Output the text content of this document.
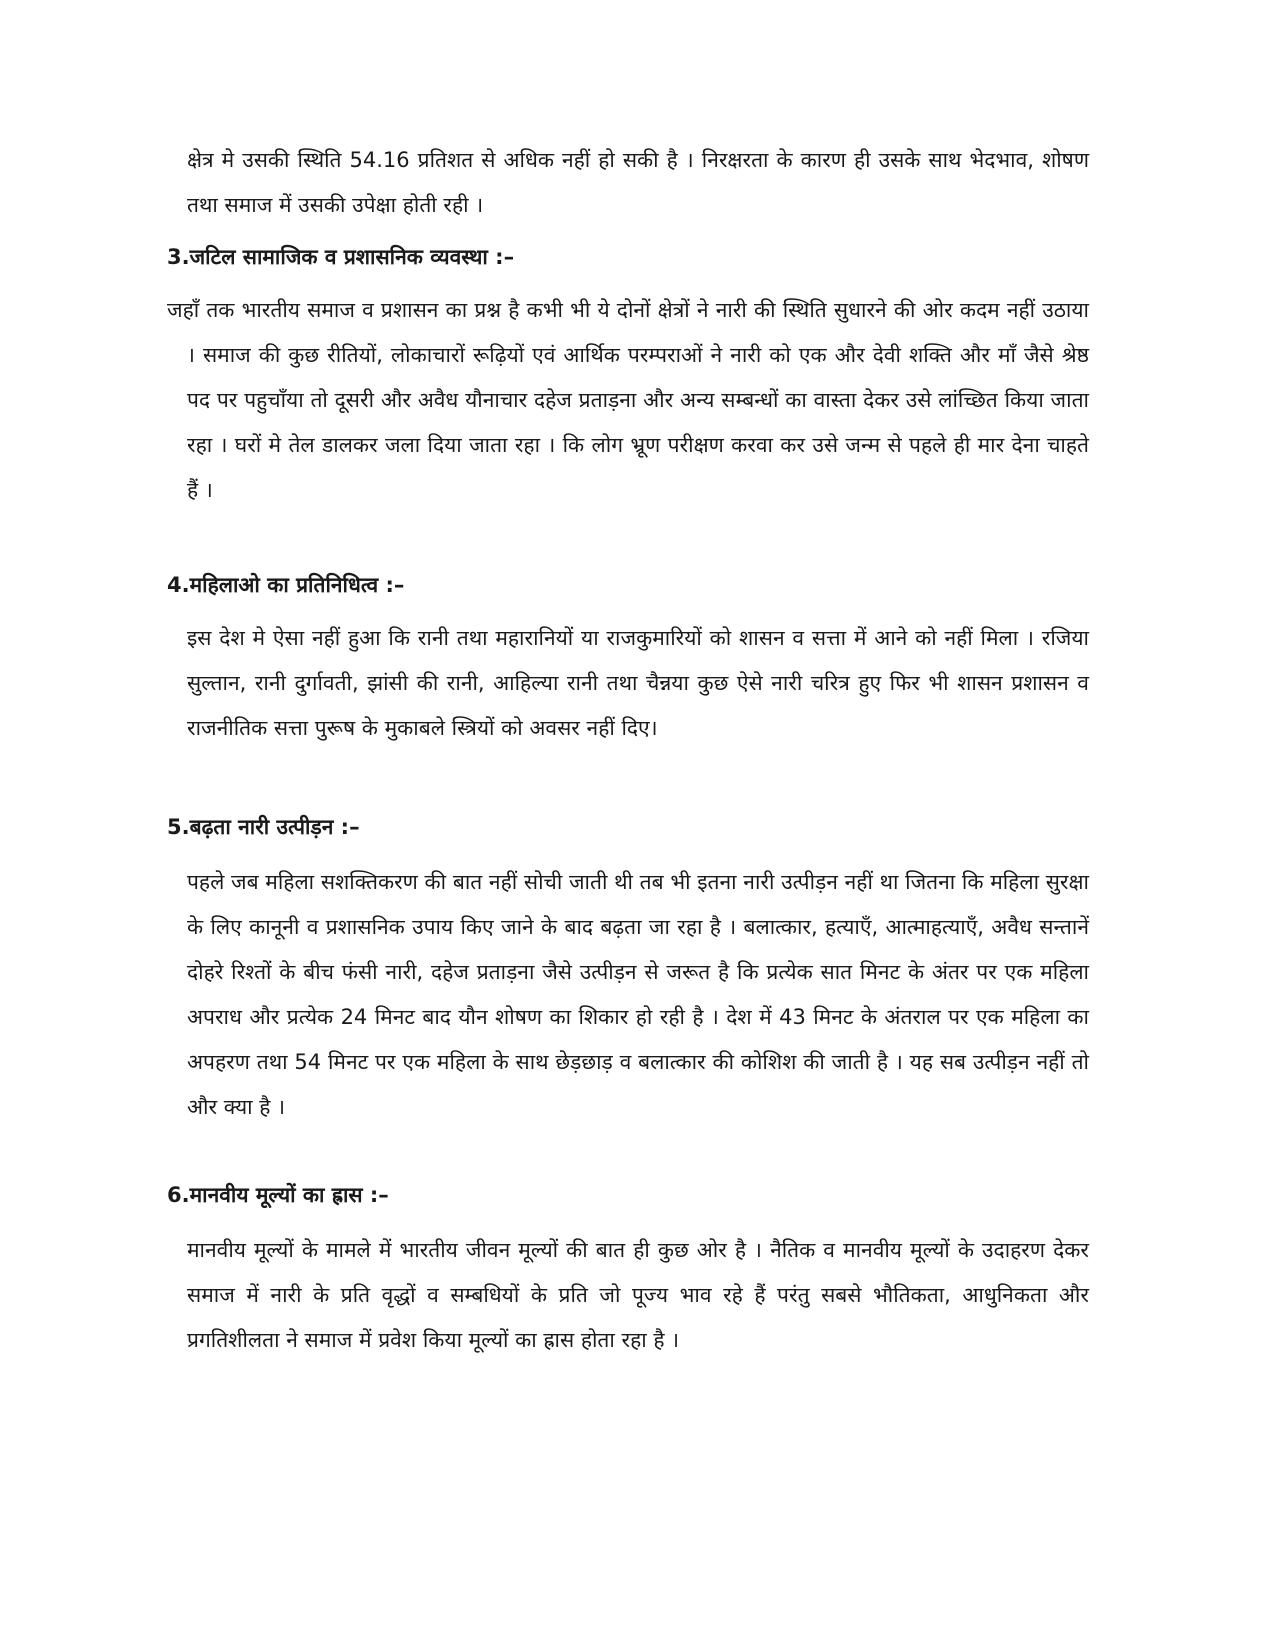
क्षेत्र मे उसकी स्थिति 54.16 प्रतिशत से अधिक नहीं हो सकी है । निरक्षरता के कारण ही उसके साथ भेदभाव, शोषण तथा समाज में उसकी उपेक्षा होती रही ।

3.जटिल सामाजिक व प्रशासनिक व्यवस्था :–

जहाँ तक भारतीय समाज व प्रशासन का प्रश्न है कभी भी ये दोनों क्षेत्रों ने नारी की स्थिति सुधारने की ओर कदम नहीं उठाया । समाज की कुछ रीतियों, लोकाचारों रूढ़ियों एवं आर्थिक परम्पराओं ने नारी को एक और देवी शक्ति और माँ जैसे श्रेष्ठ पद पर पहुचाँया तो दूसरी और अवैध यौनाचार दहेज प्रताड़ना और अन्य सम्बन्धों का वास्ता देकर उसे लांच्छित किया जाता रहा । घरों मे तेल डालकर जला दिया जाता रहा । कि लोग भ्रूण परीक्षण करवा कर उसे जन्म से पहले ही मार देना चाहते हैं ।

4.महिलाओ का प्रतिनिधित्व :–

इस देश मे ऐसा नहीं हुआ कि रानी तथा महारानियों या राजकुमारियों को शासन व सत्ता में आने को नहीं मिला । रजिया सुल्तान, रानी दुर्गावती, झांसी की रानी, आहिल्या रानी तथा चैन्नया कुछ ऐसे नारी चरित्र हुए फिर भी शासन प्रशासन व राजनीतिक सत्ता पुरूष के मुकाबले स्त्रियों को अवसर नहीं दिए।

5.बढ़ता नारी उत्पीड़न :–

पहले जब महिला सशक्तिकरण की बात नहीं सोची जाती थी तब भी इतना नारी उत्पीड़न नहीं था जितना कि महिला सुरक्षा के लिए कानूनी व प्रशासनिक उपाय किए जाने के बाद बढ़ता जा रहा है । बलात्कार, हत्याएँ, आत्माहत्याएँ, अवैध सन्तानें दोहरे रिश्तों के बीच फंसी नारी, दहेज प्रताड़ना जैसे उत्पीड़न से जरूत है कि प्रत्येक सात मिनट के अंतर पर एक महिला अपराध और प्रत्येक 24 मिनट बाद यौन शोषण का शिकार हो रही है । देश में 43 मिनट के अंतराल पर एक महिला का अपहरण तथा 54 मिनट पर एक महिला के साथ छेड़छाड़ व बलात्कार की कोशिश की जाती है । यह सब उत्पीड़न नहीं तो और क्या है ।

6.मानवीय मूल्यों का ह्रास :–

मानवीय मूल्यों के मामले में भारतीय जीवन मूल्यों की बात ही कुछ ओर है । नैतिक व मानवीय मूल्यों के उदाहरण देकर समाज में नारी के प्रति वृद्धों व सम्बधियों के प्रति जो पूज्य भाव रहे हैं परंतु सबसे भौतिकता, आधुनिकता और प्रगतिशीलता ने समाज में प्रवेश किया मूल्यों का ह्रास होता रहा है ।
